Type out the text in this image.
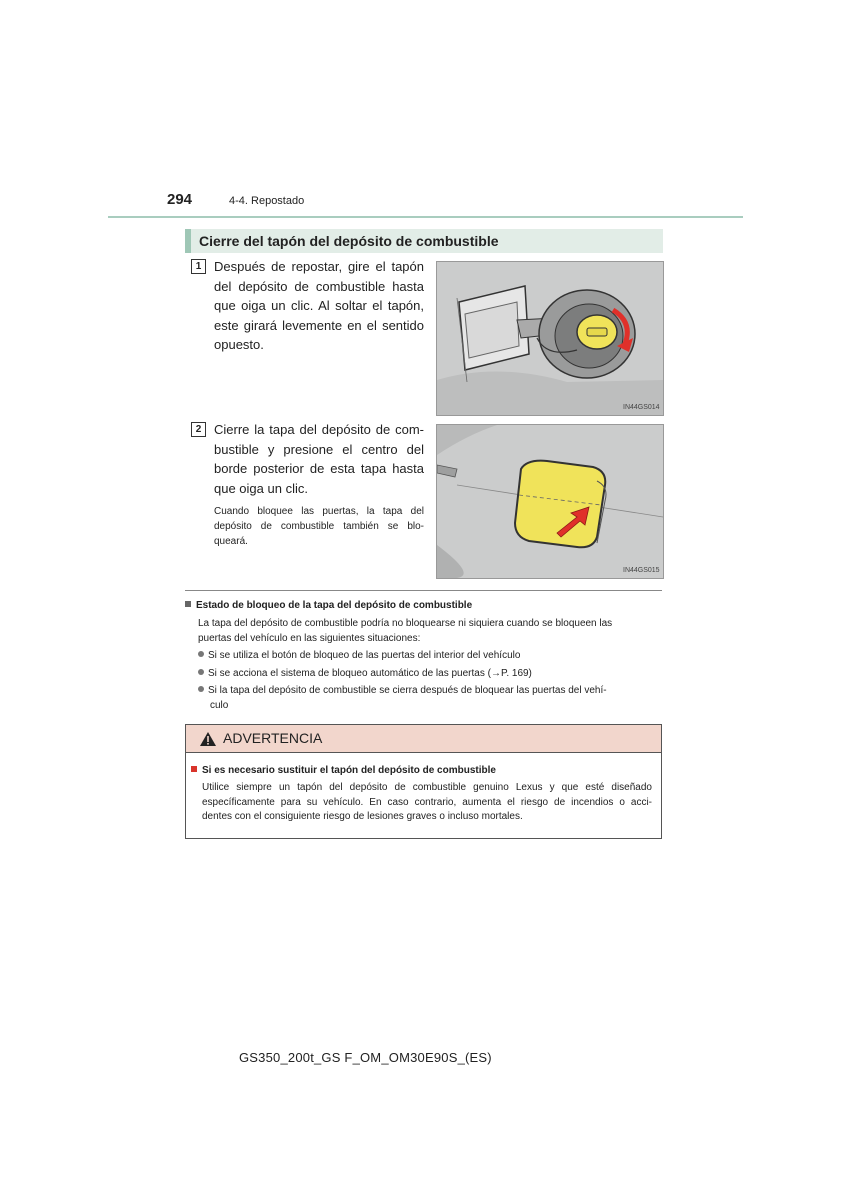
294	4-4. Repostado
Cierre del tapón del depósito de combustible
1 Después de repostar, gire el tapón
del depósito de combustible hasta
que oiga un clic. Al soltar el tapón,
este girará levemente en el sentido
opuesto.
IN44GS014
2 Cierre la tapa del depósito de com-
bustible y presione el centro del
borde posterior de esta tapa hasta
que oiga un clic.
Cuando bloquee las puertas, la tapa del
depósito de combustible también se blo-
queará.
IN44GS015
Estado de bloqueo de la tapa del depósito de combustible
La tapa del depósito de combustible podría no bloquearse ni siquiera cuando se bloqueen las
puertas del vehículo en las siguientes situaciones:
Si se utiliza el botón de bloqueo de las puertas del interior del vehículo
Si se acciona el sistema de bloqueo automático de las puertas (→P. 169)
Si la tapa del depósito de combustible se cierra después de bloquear las puertas del vehí-
culo
ADVERTENCIA
Si es necesario sustituir el tapón del depósito de combustible
Utilice siempre un tapón del depósito de combustible genuino Lexus y que esté diseñado
específicamente para su vehículo. En caso contrario, aumenta el riesgo de incendios o acci-
dentes con el consiguiente riesgo de lesiones graves o incluso mortales.
GS350_200t_GS F_OM_OM30E90S_(ES)
